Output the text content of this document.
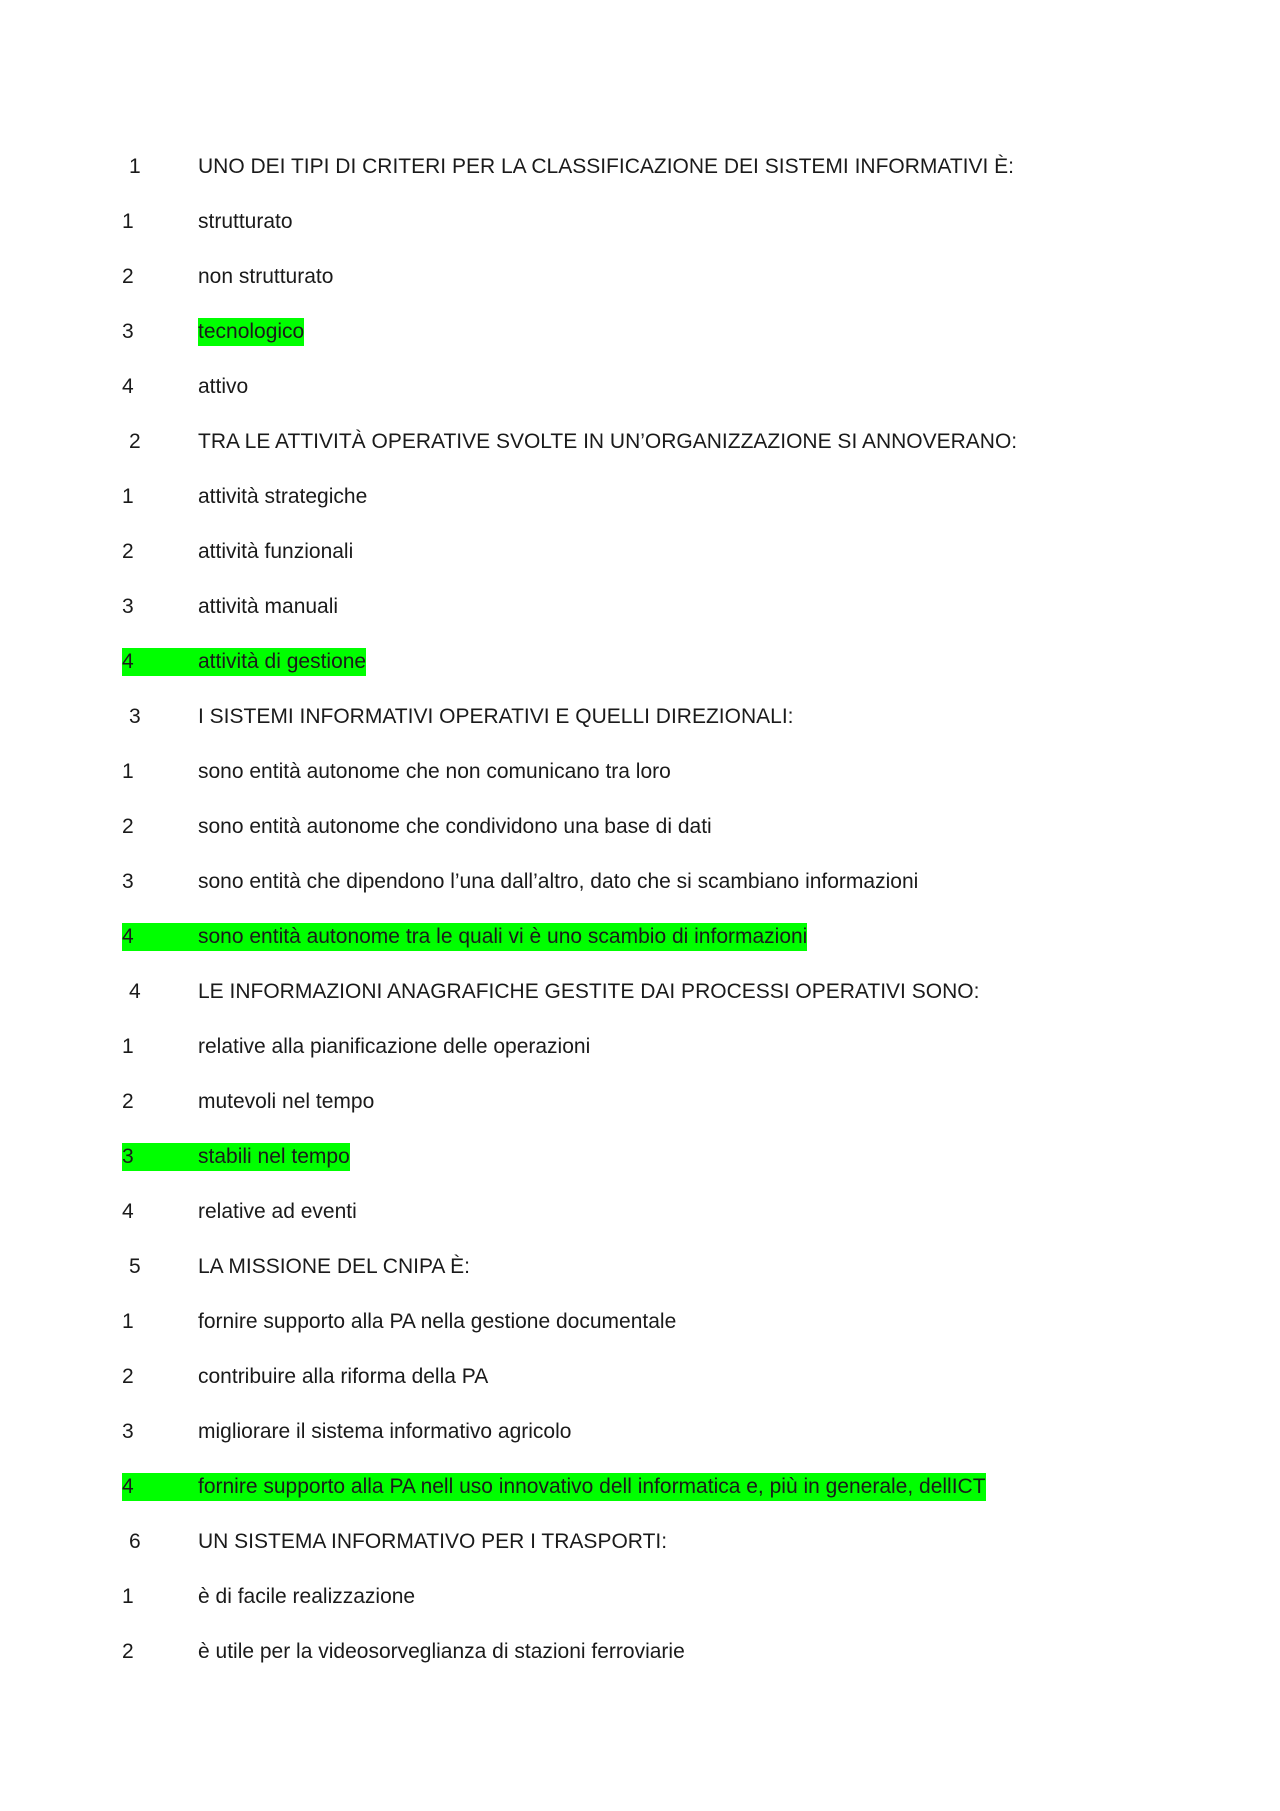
1	UNO DEI TIPI DI CRITERI PER LA CLASSIFICAZIONE DEI SISTEMI INFORMATIVI È:
1	strutturato
2	non strutturato
3	tecnologico
4	attivo
2	TRA LE ATTIVITÀ OPERATIVE SVOLTE IN UN’ORGANIZZAZIONE SI ANNOVERANO:
1	attività strategiche
2	attività funzionali
3	attività manuali
4	attività di gestione
3	I SISTEMI INFORMATIVI OPERATIVI E QUELLI DIREZIONALI:
1	sono entità autonome che non comunicano tra loro
2	sono entità autonome che condividono una base di dati
3	sono entità che dipendono l’una dall’altro, dato che si scambiano informazioni
4	sono entità autonome tra le quali vi è uno scambio di informazioni
4	LE INFORMAZIONI ANAGRAFICHE GESTITE DAI PROCESSI OPERATIVI SONO:
1	relative alla pianificazione delle operazioni
2	mutevoli nel tempo
3	stabili nel tempo
4	relative ad eventi
5	LA MISSIONE DEL CNIPA È:
1	fornire supporto alla PA nella gestione documentale
2	contribuire alla riforma della PA
3	migliorare il sistema informativo agricolo
4	fornire supporto alla PA nell uso innovativo dell informatica e, più in generale, dellICT
6	UN SISTEMA INFORMATIVO PER I TRASPORTI:
1	è di facile realizzazione
2	è utile per la videosorveglianza di stazioni ferroviarie
